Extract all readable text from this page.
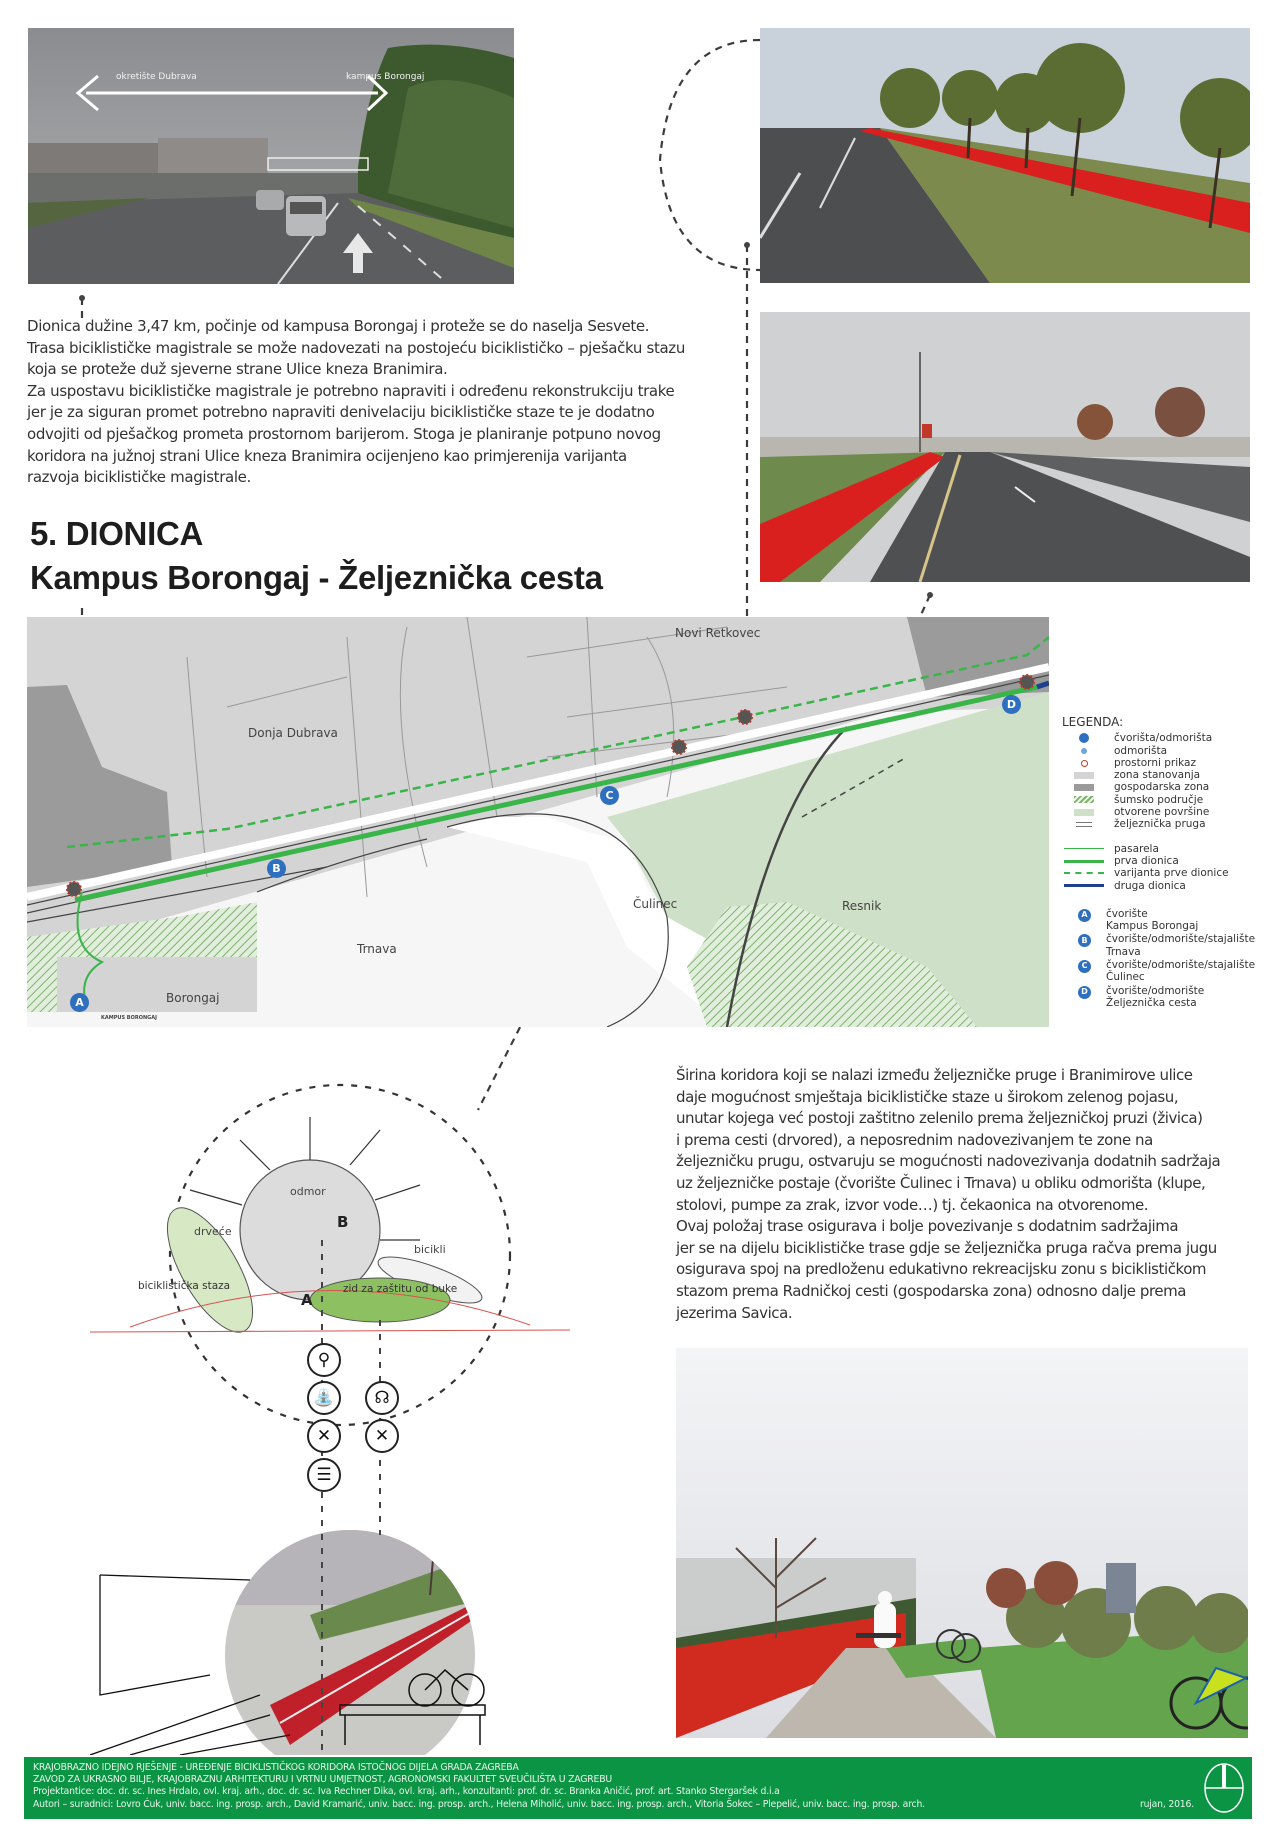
okretište Dubrava	kampus Borongaj

Dionica dužine 3,47 km, počinje od kampusa Borongaj i proteže se do naselja Sesvete.

Trasa biciklističke magistrale se može nadovezati na postojeću biciklističko – pješačku stazu

koja se proteže duž sjeverne strane Ulice kneza Branimira.

Za uspostavu biciklističke magistrale je potrebno napraviti i određenu rekonstrukciju trake

jer je za siguran promet potrebno napraviti denivelaciju biciklističke staze te je dodatno

odvojiti od pješačkog prometa prostornom barijerom. Stoga je planiranje potpuno novog

koridora na južnoj strani Ulice kneza Branimira ocijenjeno kao primjerenija varijanta

razvoja biciklističke magistrale.

5. DIONICA
Kampus Borongaj - Željeznička cesta
A
B
C
D
Novi Retkovec
Donja Dubrava
Čulinec	Resnik
Trnava
Borongaj
KAMPUS BORONGAJ
LEGENDA:
čvorišta/odmorišta
odmorišta
prostorni prikaz
zona stanovanja
gospodarska zona
šumsko područje
otvorene površine
željeznička pruga
pasarela
prva dionica
varijanta prve dionice
druga dionica
A	čvorište
Kampus Borongaj
B	čvorište/odmorište/stajalište
Trnava
C	čvorište/odmorište/stajalište
Čulinec
D	čvorište/odmorište
Željeznička cesta
odmor
drveće
bicikli
biciklistička staza	zid za zaštitu od buke
A
B
⚲
⛲
✕
☰
☊
✕

Širina koridora koji se nalazi između željezničke pruge i Branimirove ulice

daje mogućnost smještaja biciklističke staze u širokom zelenog pojasu,

unutar kojega već postoji zaštitno zelenilo prema željezničkoj pruzi (živica)

i prema cesti (drvored), a neposrednim nadovezivanjem te zone na

željezničku prugu, ostvaruju se mogućnosti nadovezivanja dodatnih sadržaja

uz željezničke postaje (čvorište Čulinec i Trnava) u obliku odmorišta (klupe,

stolovi, pumpe za zrak, izvor vode…) tj. čekaonica na otvorenome.

Ovaj položaj trase osigurava i bolje povezivanje s dodatnim sadržajima

jer se na dijelu biciklističke trase gdje se željeznička pruga račva prema jugu

osigurava spoj na predloženu edukativno rekreacijsku zonu s biciklističkom

stazom prema Radničkoj cesti (gospodarska zona) odnosno dalje prema

jezerima Savica.

KRAJOBRAZNO IDEJNO RJEŠENJE - UREĐENJE BICIKLISTIČKOG KORIDORA ISTOČNOG DIJELA GRADA ZAGREBA
ZAVOD ZA UKRASNO BILJE, KRAJOBRAZNU ARHITEKTURU I VRTNU UMJETNOST, AGRONOMSKI FAKULTET SVEUČILIŠTA U ZAGREBU
Projektantice: doc. dr. sc. Ines Hrdalo, ovl. kraj. arh., doc. dr. sc. Iva Rechner Dika, ovl. kraj. arh., konzultanti: prof. dr. sc. Branka Aničić, prof. art. Stanko Stergaršek d.i.a
Autori – suradnici: Lovro Ćuk, univ. bacc. ing. prosp. arch., David Kramarić, univ. bacc. ing. prosp. arch., Helena Miholić, univ. bacc. ing. prosp. arch., Vitoria Šokec – Plepelić, univ. bacc. ing. prosp. arch.	rujan, 2016.
